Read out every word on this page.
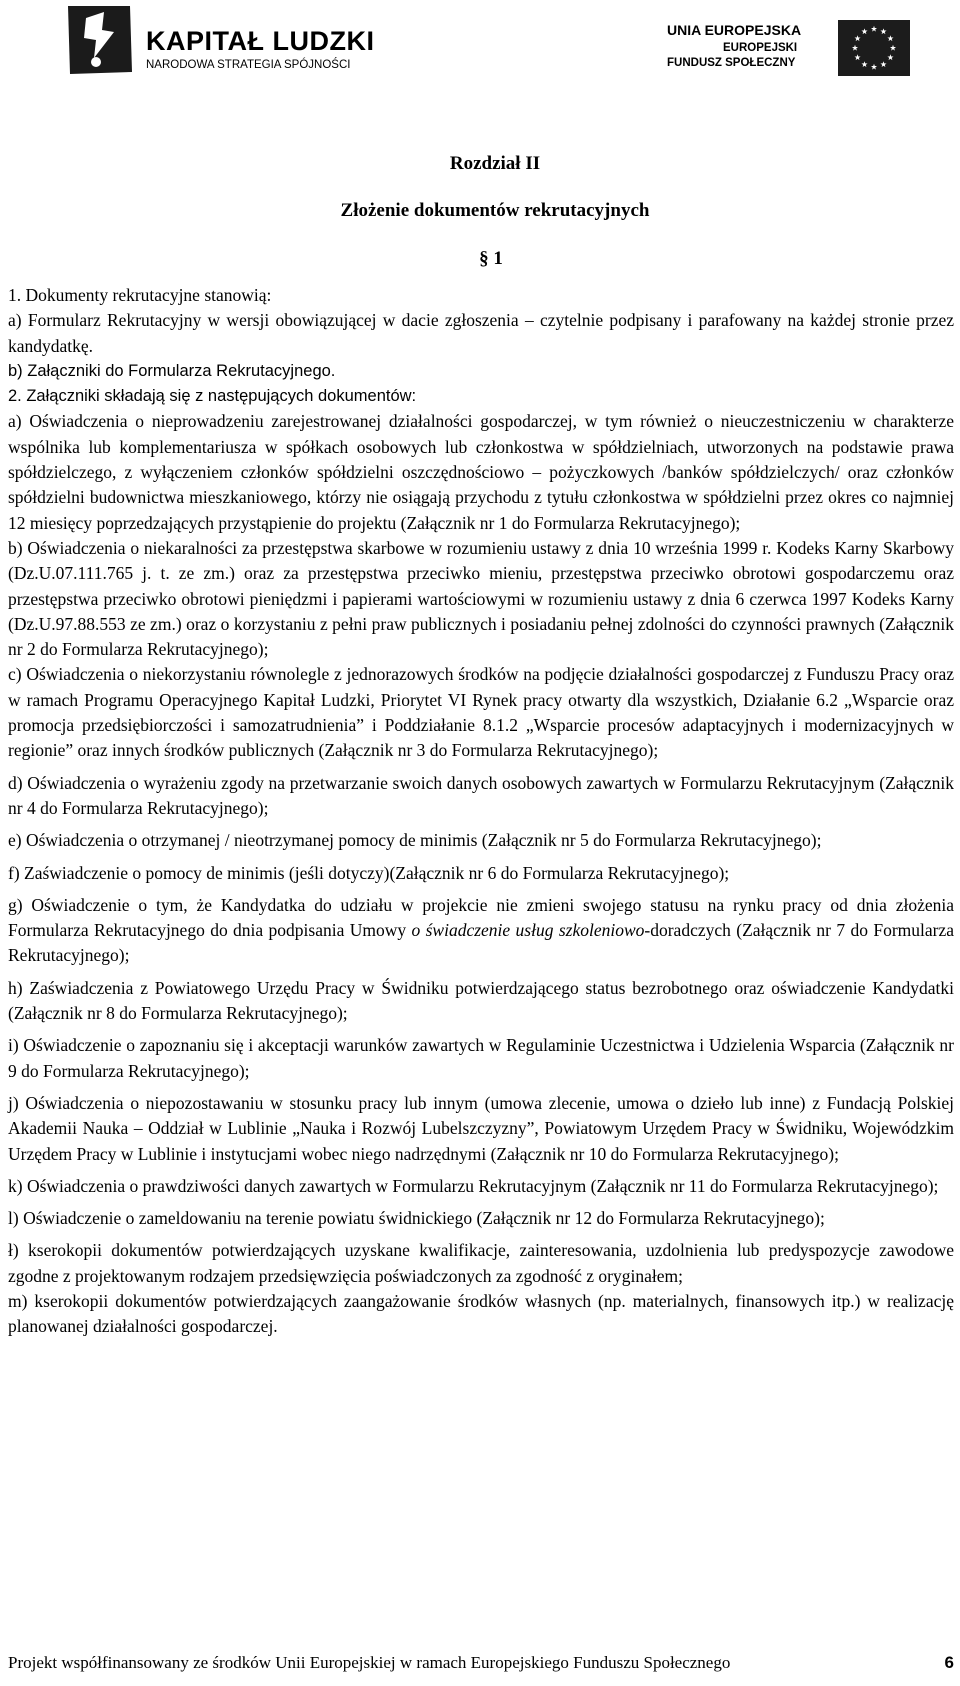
KAPITAŁ LUDZKI
NARODOWA STRATEGIA SPÓJNOŚCI
UNIA EUROPEJSKA
EUROPEJSKI
FUNDUSZ SPOŁECZNY
Rozdział II
Złożenie dokumentów rekrutacyjnych
§ 1

1. Dokumenty rekrutacyjne stanowią:

a) Formularz Rekrutacyjny w wersji obowiązującej w dacie zgłoszenia – czytelnie podpisany i parafowany na każdej stronie przez kandydatkę.

b) Załączniki do Formularza Rekrutacyjnego.

2. Załączniki składają się z następujących dokumentów:

a) Oświadczenia o nieprowadzeniu zarejestrowanej działalności gospodarczej, w tym również o nieuczestniczeniu w charakterze wspólnika lub komplementariusza w spółkach osobowych lub członkostwa w spółdzielniach, utworzonych na podstawie prawa spółdzielczego, z wyłączeniem członków spółdzielni oszczędnościowo – pożyczkowych /banków spółdzielczych/ oraz członków spółdzielni budownictwa mieszkaniowego, którzy nie osiągają przychodu z tytułu członkostwa w spółdzielni przez okres co najmniej 12 miesięcy poprzedzających przystąpienie do projektu (Załącznik nr 1 do Formularza Rekrutacyjnego);

b) Oświadczenia o niekaralności za przestępstwa skarbowe w rozumieniu ustawy z dnia 10 września 1999 r. Kodeks Karny Skarbowy (Dz.U.07.111.765 j. t. ze zm.) oraz za przestępstwa przeciwko mieniu, przestępstwa przeciwko obrotowi gospodarczemu oraz przestępstwa przeciwko obrotowi pieniędzmi i papierami wartościowymi w rozumieniu ustawy z dnia 6 czerwca 1997 Kodeks Karny (Dz.U.97.88.553 ze zm.) oraz o korzystaniu z pełni praw publicznych i posiadaniu pełnej zdolności do czynności prawnych (Załącznik nr 2 do Formularza Rekrutacyjnego);

c) Oświadczenia o niekorzystaniu równolegle z jednorazowych środków na podjęcie działalności gospodarczej z Funduszu Pracy oraz w ramach Programu Operacyjnego Kapitał Ludzki, Priorytet VI Rynek pracy otwarty dla wszystkich, Działanie 6.2 „Wsparcie oraz promocja przedsiębiorczości i samozatrudnienia” i Poddziałanie 8.1.2 „Wsparcie procesów adaptacyjnych i modernizacyjnych w regionie” oraz innych środków publicznych (Załącznik nr 3 do Formularza Rekrutacyjnego);

d) Oświadczenia o wyrażeniu zgody na przetwarzanie swoich danych osobowych zawartych w Formularzu Rekrutacyjnym (Załącznik nr 4 do Formularza Rekrutacyjnego);

e) Oświadczenia o otrzymanej / nieotrzymanej pomocy de minimis (Załącznik nr 5 do Formularza Rekrutacyjnego);

f) Zaświadczenie o pomocy de minimis (jeśli dotyczy)(Załącznik nr 6 do Formularza Rekrutacyjnego);

g) Oświadczenie o tym, że Kandydatka do udziału w projekcie nie zmieni swojego statusu na rynku pracy od dnia złożenia Formularza Rekrutacyjnego do dnia podpisania Umowy o świadczenie usług szkoleniowo-doradczych (Załącznik nr 7 do Formularza Rekrutacyjnego);

h) Zaświadczenia z Powiatowego Urzędu Pracy w Świdniku potwierdzającego status bezrobotnego oraz oświadczenie Kandydatki (Załącznik nr 8 do Formularza Rekrutacyjnego);

i) Oświadczenie o zapoznaniu się i akceptacji warunków zawartych w Regulaminie Uczestnictwa i Udzielenia Wsparcia (Załącznik nr 9 do Formularza Rekrutacyjnego);

j) Oświadczenia o niepozostawaniu w stosunku pracy lub innym (umowa zlecenie, umowa o dzieło lub inne) z Fundacją Polskiej Akademii Nauka – Oddział w Lublinie „Nauka i Rozwój Lubelszczyzny”, Powiatowym Urzędem Pracy w Świdniku, Wojewódzkim Urzędem Pracy w Lublinie i instytucjami wobec niego nadrzędnymi (Załącznik nr 10 do Formularza Rekrutacyjnego);

k) Oświadczenia o prawdziwości danych zawartych w Formularzu Rekrutacyjnym (Załącznik nr 11 do Formularza Rekrutacyjnego);

l) Oświadczenie o zameldowaniu na terenie powiatu świdnickiego (Załącznik nr 12 do Formularza Rekrutacyjnego);

ł) kserokopii dokumentów potwierdzających uzyskane kwalifikacje, zainteresowania, uzdolnienia lub predyspozycje zawodowe zgodne z projektowanym rodzajem przedsięwzięcia poświadczonych za zgodność z oryginałem;

m) kserokopii dokumentów potwierdzających zaangażowanie środków własnych (np. materialnych, finansowych itp.) w realizację planowanej działalności gospodarczej.

Projekt współfinansowany ze środków Unii Europejskiej w ramach Europejskiego Funduszu Społecznego	6
